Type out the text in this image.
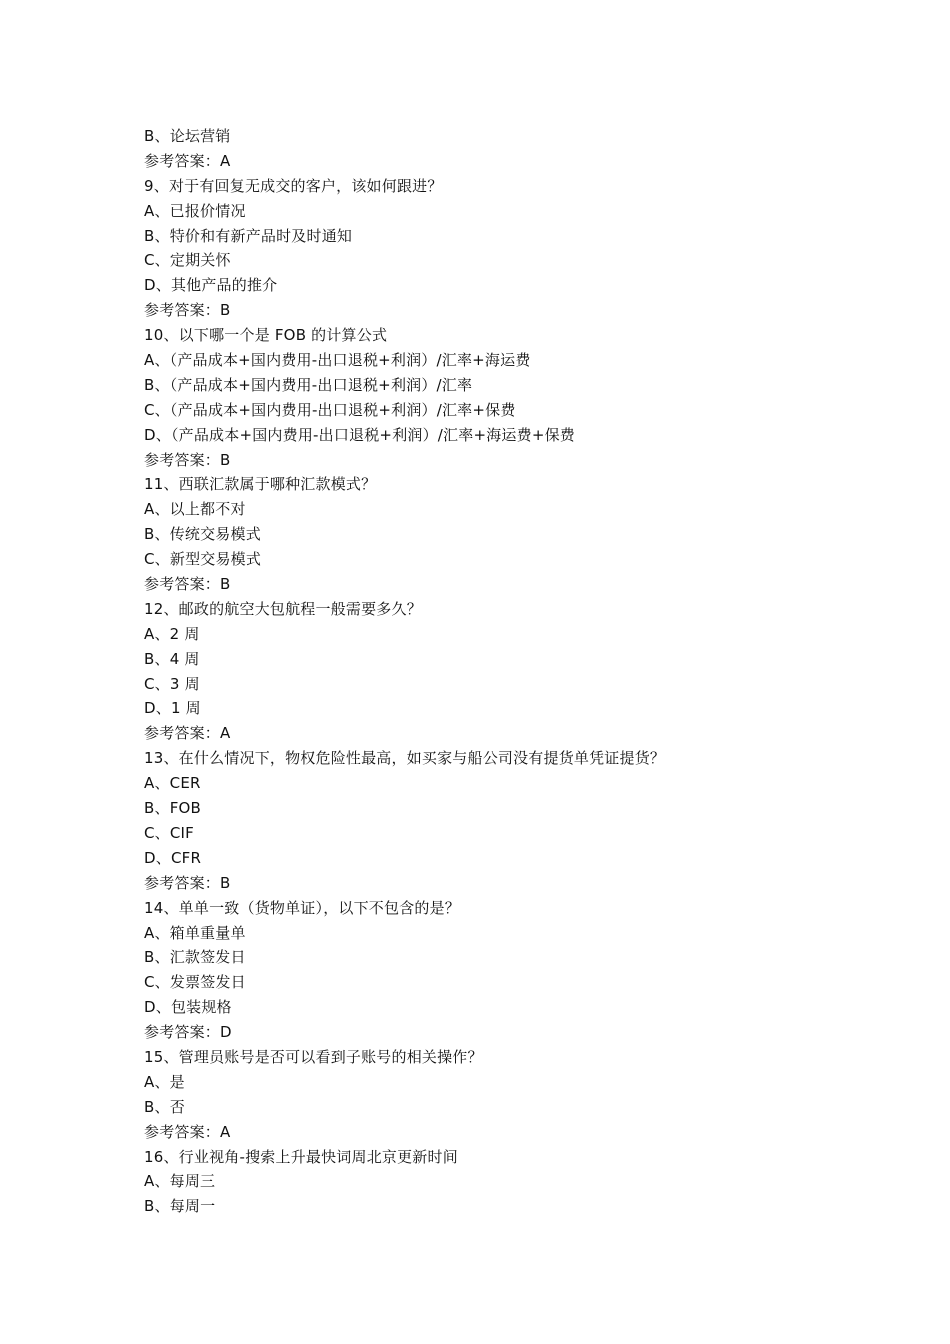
B、论坛营销
参考答案：A
9、对于有回复无成交的客户，该如何跟进？
A、已报价情况
B、特价和有新产品时及时通知
C、定期关怀
D、其他产品的推介
参考答案：B
10、以下哪一个是 FOB 的计算公式
A、（产品成本+国内费用-出口退税+利润）/汇率+海运费
B、（产品成本+国内费用-出口退税+利润）/汇率
C、（产品成本+国内费用-出口退税+利润）/汇率+保费
D、（产品成本+国内费用-出口退税+利润）/汇率+海运费+保费
参考答案：B
11、西联汇款属于哪种汇款模式？
A、以上都不对
B、传统交易模式
C、新型交易模式
参考答案：B
12、邮政的航空大包航程一般需要多久？
A、2 周
B、4 周
C、3 周
D、1 周
参考答案：A
13、在什么情况下，物权危险性最高，如买家与船公司没有提货单凭证提货？
A、CER
B、FOB
C、CIF
D、CFR
参考答案：B
14、单单一致（货物单证），以下不包含的是？
A、箱单重量单
B、汇款签发日
C、发票签发日
D、包装规格
参考答案：D
15、管理员账号是否可以看到子账号的相关操作？
A、是
B、否
参考答案：A
16、行业视角-搜索上升最快词周北京更新时间
A、每周三
B、每周一
